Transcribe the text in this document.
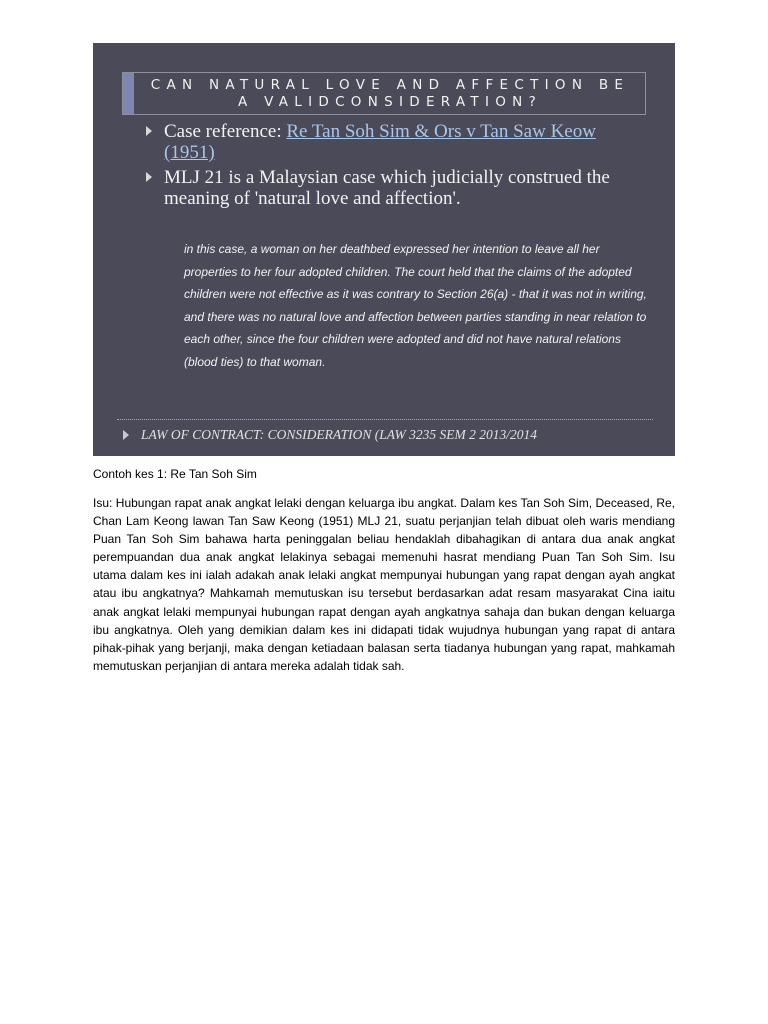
CAN NATURAL LOVE AND AFFECTION BE A VALIDCONSIDERATION?
Case reference: Re Tan Soh Sim & Ors v Tan Saw Keow (1951)
MLJ 21 is a Malaysian case which judicially construed the meaning of 'natural love and affection'.
in this case, a woman on her deathbed expressed her intention to leave all her properties to her four adopted children. The court held that the claims of the adopted children were not effective as it was contrary to Section 26(a) - that it was not in writing, and there was no natural love and affection between parties standing in near relation to each other, since the four children were adopted and did not have natural relations (blood ties) to that woman.
LAW OF CONTRACT: CONSIDERATION (LAW 3235 SEM 2 2013/2014
Contoh kes 1: Re Tan Soh Sim
Isu: Hubungan rapat anak angkat lelaki dengan keluarga ibu angkat. Dalam kes Tan Soh Sim, Deceased, Re, Chan Lam Keong lawan Tan Saw Keong (1951) MLJ 21, suatu perjanjian telah dibuat oleh waris mendiang Puan Tan Soh Sim bahawa harta peninggalan beliau hendaklah dibahagikan di antara dua anak angkat perempuandan dua anak angkat lelakinya sebagai memenuhi hasrat mendiang Puan Tan Soh Sim. Isu utama dalam kes ini ialah adakah anak lelaki angkat mempunyai hubungan yang rapat dengan ayah angkat atau ibu angkatnya? Mahkamah memutuskan isu tersebut berdasarkan adat resam masyarakat Cina iaitu anak angkat lelaki mempunyai hubungan rapat dengan ayah angkatnya sahaja dan bukan dengan keluarga ibu angkatnya. Oleh yang demikian dalam kes ini didapati tidak wujudnya hubungan yang rapat di antara pihak-pihak yang berjanji, maka dengan ketiadaan balasan serta tiadanya hubungan yang rapat, mahkamah memutuskan perjanjian di antara mereka adalah tidak sah.
